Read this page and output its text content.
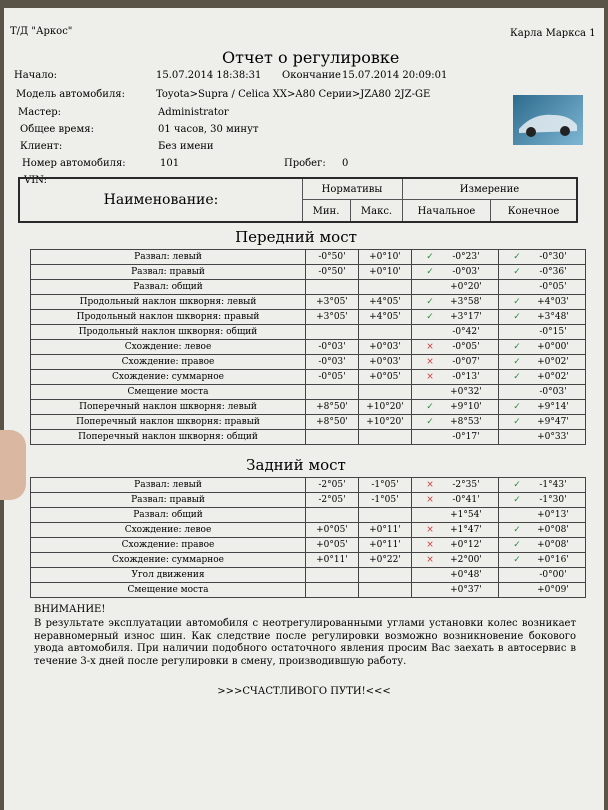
Т/Д "Аркос"	Карла Маркса 1
Отчет о регулировке
Начало:	15.07.2014 18:38:31 Окончание 15.07.2014 20:09:01
Модель автомобиля:	Toyota>Supra / Celica XX>A80 Серии>JZA80 2JZ-GE
Мастер:	Administrator
Общее время:	01 часов, 30 минут
Клиент:	Без имени
Номер автомобиля:	101	Пробег: 0
VIN:
Наименование:
Нормативы	Измерение
Мин.	Макс.	Начальное	Конечное
Передний мост
Развал: левый	-0°50'	+0°10'	✓ -0°23'	✓ -0°30'
Развал: правый	-0°50'	+0°10'	✓ -0°03'	✓ -0°36'
Развал: общий			+0°20'	-0°05'
Продольный наклон шкворня: левый	+3°05'	+4°05'	✓ +3°58'	✓ +4°03'
Продольный наклон шкворня: правый	+3°05'	+4°05'	✓ +3°17'	✓ +3°48'
Продольный наклон шкворня: общий			-0°42'	-0°15'
Схождение: левое	-0°03'	+0°03'	× -0°05'	✓ +0°00'
Схождение: правое	-0°03'	+0°03'	× -0°07'	✓ +0°02'
Схождение: суммарное	-0°05'	+0°05'	× -0°13'	✓ +0°02'
Смещение моста			+0°32'	-0°03'
Поперечный наклон шкворня: левый	+8°50'	+10°20'	✓ +9°10'	✓ +9°14'
Поперечный наклон шкворня: правый	+8°50'	+10°20'	✓ +8°53'	✓ +9°47'
Поперечный наклон шкворня: общий			-0°17'	+0°33'
Задний мост
Развал: левый	-2°05'	-1°05'	× -2°35'	✓ -1°43'
Развал: правый	-2°05'	-1°05'	× -0°41'	✓ -1°30'
Развал: общий			+1°54'	+0°13'
Схождение: левое	+0°05'	+0°11'	× +1°47'	✓ +0°08'
Схождение: правое	+0°05'	+0°11'	× +0°12'	✓ +0°08'
Схождение: суммарное	+0°11'	+0°22'	× +2°00'	✓ +0°16'
Угол движения			+0°48'	-0°00'
Смещение моста			+0°37'	+0°09'
ВНИМАНИЕ!
В результате эксплуатации автомобиля с неотрегулированными углами установки колес возникает неравномерный износ шин. Как следствие после регулировки возможно возникновение бокового увода автомобиля. При наличии подобного остаточного явления просим Вас заехать в автосервис в течение 3-х дней после регулировки в смену, производившую работу.
>>>СЧАСТЛИВОГО ПУТИ!<<<
